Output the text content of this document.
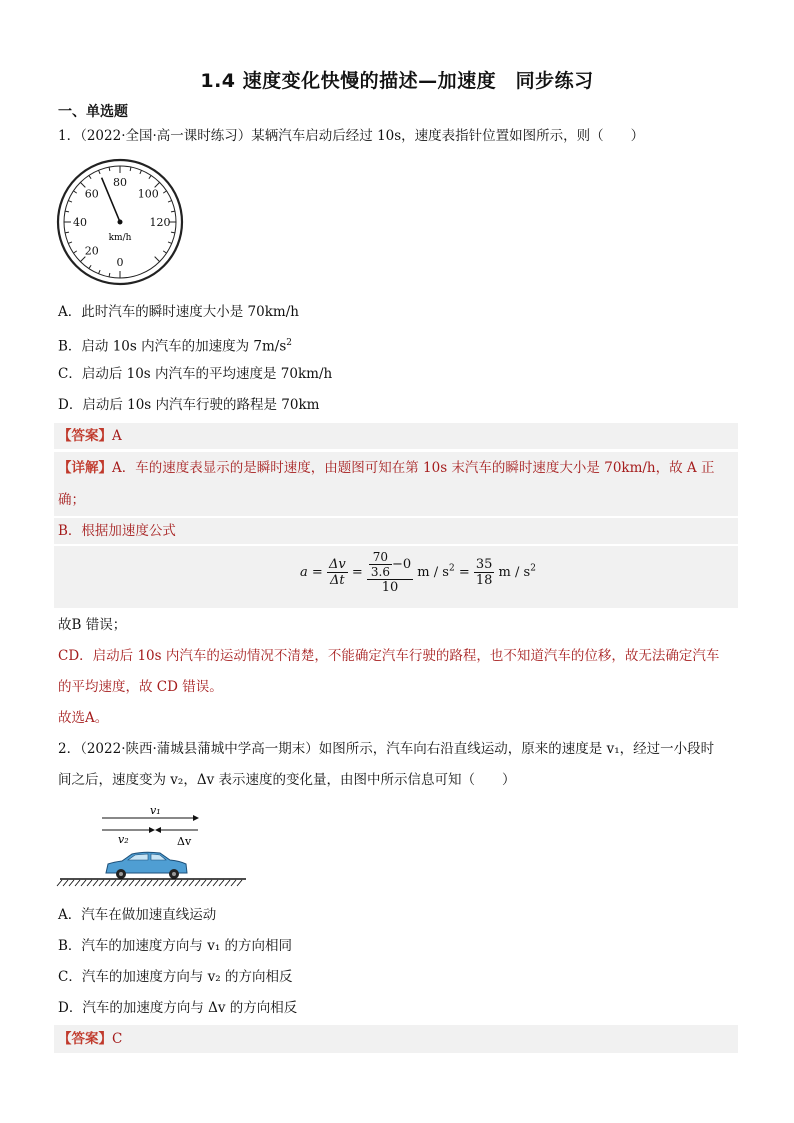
1.4 速度变化快慢的描述—加速度　同步练习
一、单选题
1．（2022·全国·高一课时练习）某辆汽车启动后经过 10s，速度表指针位置如图所示，则（　　）
0
20
40
60
80
100
120
km/h
A．此时汽车的瞬时速度大小是 70km/h
B．启动 10s 内汽车的加速度为 $7m/s^2$
C．启动后 10s 内汽车的平均速度是 70km/h
D．启动后 10s 内汽车行驶的路程是 70km
【答案】A
【详解】A．车的速度表显示的是瞬时速度，由题图可知在第 10s 末汽车的瞬时速度大小是 70km/h，故 A 正
确；
B．根据加速度公式
$a = \frac{\Delta v}{\Delta t} = \frac{\frac{70}{3.6} -0}{10}$ $m / s^2 = \frac{35}{18}$ m / $s^2$
故B 错误；
CD．启动后 10s 内汽车的运动情况不清楚，不能确定汽车行驶的路程，也不知道汽车的位移，故无法确定汽车
的平均速度，故 CD 错误。
故选A。
2．（2022·陕西·蒲城县蒲城中学高一期末）如图所示，汽车向右沿直线运动，原来的速度是 v₁，经过一小段时
间之后，速度变为 v₂，Δv 表示速度的变化量，由图中所示信息可知（　　）
v₁
v₂	Δv
A．汽车在做加速直线运动
B．汽车的加速度方向与 v₁ 的方向相同
C．汽车的加速度方向与 v₂ 的方向相反
D．汽车的加速度方向与 Δv 的方向相反
【答案】C
